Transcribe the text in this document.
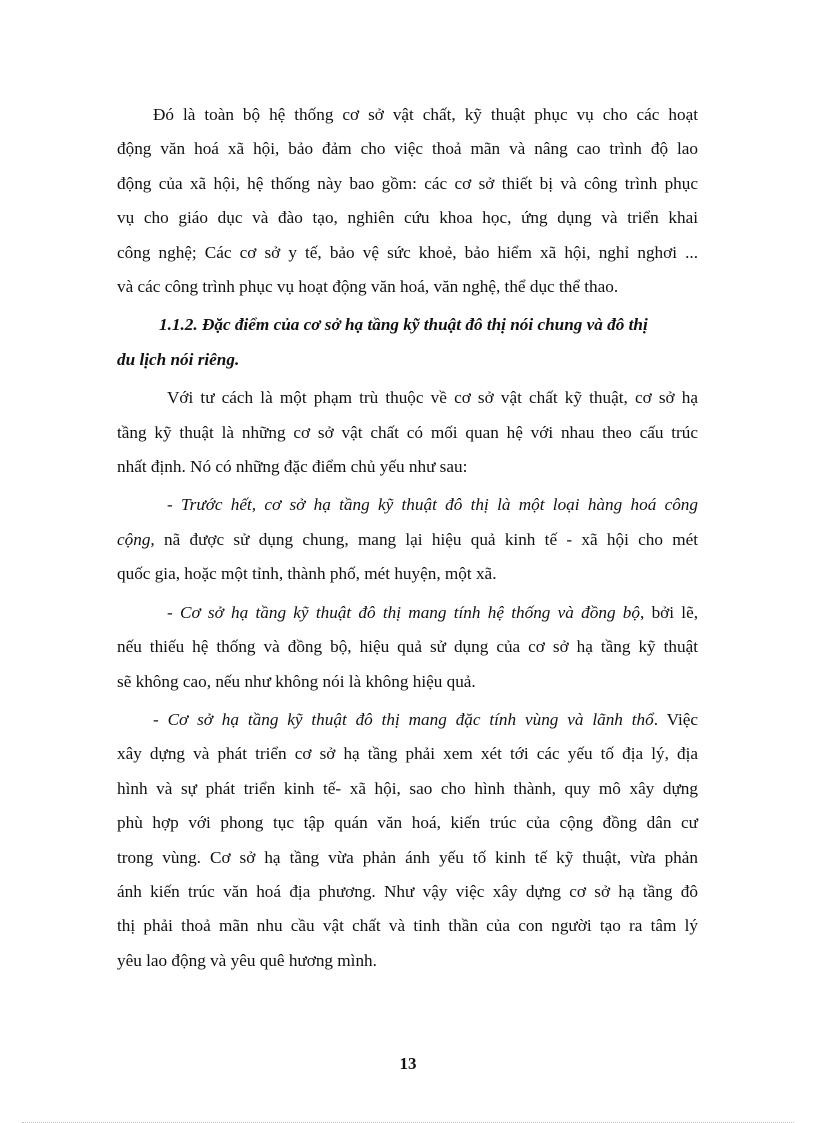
Đó là toàn bộ hệ thống cơ sở vật chất, kỹ thuật phục vụ cho các hoạt
động văn hoá xã hội, bảo đảm cho việc thoả mãn và nâng cao trình độ lao
động của xã hội, hệ thống này bao gồm: các cơ sở thiết bị và công trình phục
vụ cho giáo dục và đào tạo, nghiên cứu khoa học, ứng dụng và triển khai
công nghệ; Các cơ sở y tế, bảo vệ sức khoẻ, bảo hiểm xã hội, nghỉ nghơi ...
và các công trình phục vụ hoạt động văn hoá, văn nghệ, thể dục thể thao.

1.1.2. Đặc điểm của cơ sở hạ tầng kỹ thuật đô thị nói chung và đô thị
du lịch nói riêng.

Với tư cách là một phạm trù thuộc về cơ sở vật chất kỹ thuật, cơ sở hạ
tầng kỹ thuật là những cơ sở vật chất có mối quan hệ với nhau theo cấu trúc
nhất định. Nó có những đặc điểm chủ yếu như sau:

- Trước hết, cơ sở hạ tầng kỹ thuật đô thị là một loại hàng hoá công
cộng, nã được sử dụng chung, mang lại hiệu quả kinh tế - xã hội cho mét
quốc gia, hoặc một tỉnh, thành phố, mét huyện, một xã.

- Cơ sở hạ tầng kỹ thuật đô thị mang tính hệ thống và đồng bộ, bởi lẽ,
nếu thiếu hệ thống và đồng bộ, hiệu quả sử dụng của cơ sở hạ tầng kỹ thuật
sẽ không cao, nếu như không nói là không hiệu quả.

- Cơ sở hạ tầng kỹ thuật đô thị mang đặc tính vùng và lãnh thổ. Việc
xây dựng và phát triển cơ sở hạ tầng phải xem xét tới các yếu tố địa lý, địa
hình và sự phát triển kinh tế- xã hội, sao cho hình thành, quy mô xây dựng
phù hợp với phong tục tập quán văn hoá, kiến trúc của cộng đồng dân cư
trong vùng. Cơ sở hạ tầng vừa phản ánh yếu tố kinh tế kỹ thuật, vừa phản
ánh kiến trúc văn hoá địa phương. Như vậy việc xây dựng cơ sở hạ tầng đô
thị phải thoả mãn nhu cầu vật chất và tinh thần của con người tạo ra tâm lý
yêu lao động và yêu quê hương mình.

13
